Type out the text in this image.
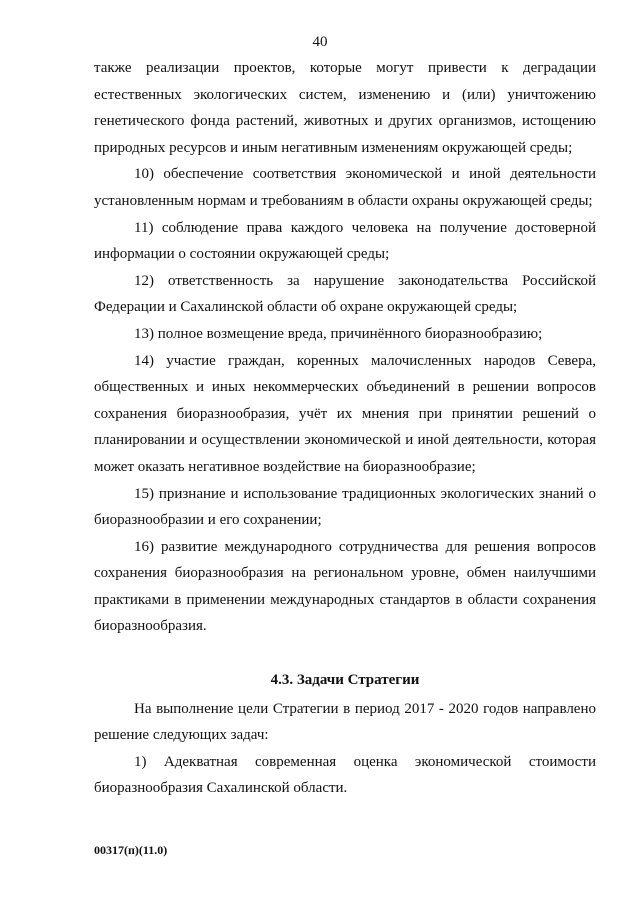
40

также реализации проектов, которые могут привести к деградации естественных экологических систем, изменению и (или) уничтожению генетического фонда растений, животных и других организмов, истощению природных ресурсов и иным негативным изменениям окружающей среды;

10) обеспечение соответствия экономической и иной деятельности установленным нормам и требованиям в области охраны окружающей среды;

11) соблюдение права каждого человека на получение достоверной информации о состоянии окружающей среды;

12) ответственность за нарушение законодательства Российской Федерации и Сахалинской области об охране окружающей среды;

13) полное возмещение вреда, причинённого биоразнообразию;

14) участие граждан, коренных малочисленных народов Севера, общественных и иных некоммерческих объединений в решении вопросов сохранения биоразнообразия, учёт их мнения при принятии решений о планировании и осуществлении экономической и иной деятельности, которая может оказать негативное воздействие на биоразнообразие;

15) признание и использование традиционных экологических знаний о биоразнообразии и его сохранении;

16) развитие международного сотрудничества для решения вопросов сохранения биоразнообразия на региональном уровне, обмен наилучшими практиками в применении международных стандартов в области сохранения биоразнообразия.

4.3. Задачи Стратегии

На выполнение цели Стратегии в период 2017 - 2020 годов направлено решение следующих задач:

1) Адекватная современная оценка экономической стоимости биоразнообразия Сахалинской области.

00317(п)(11.0)
